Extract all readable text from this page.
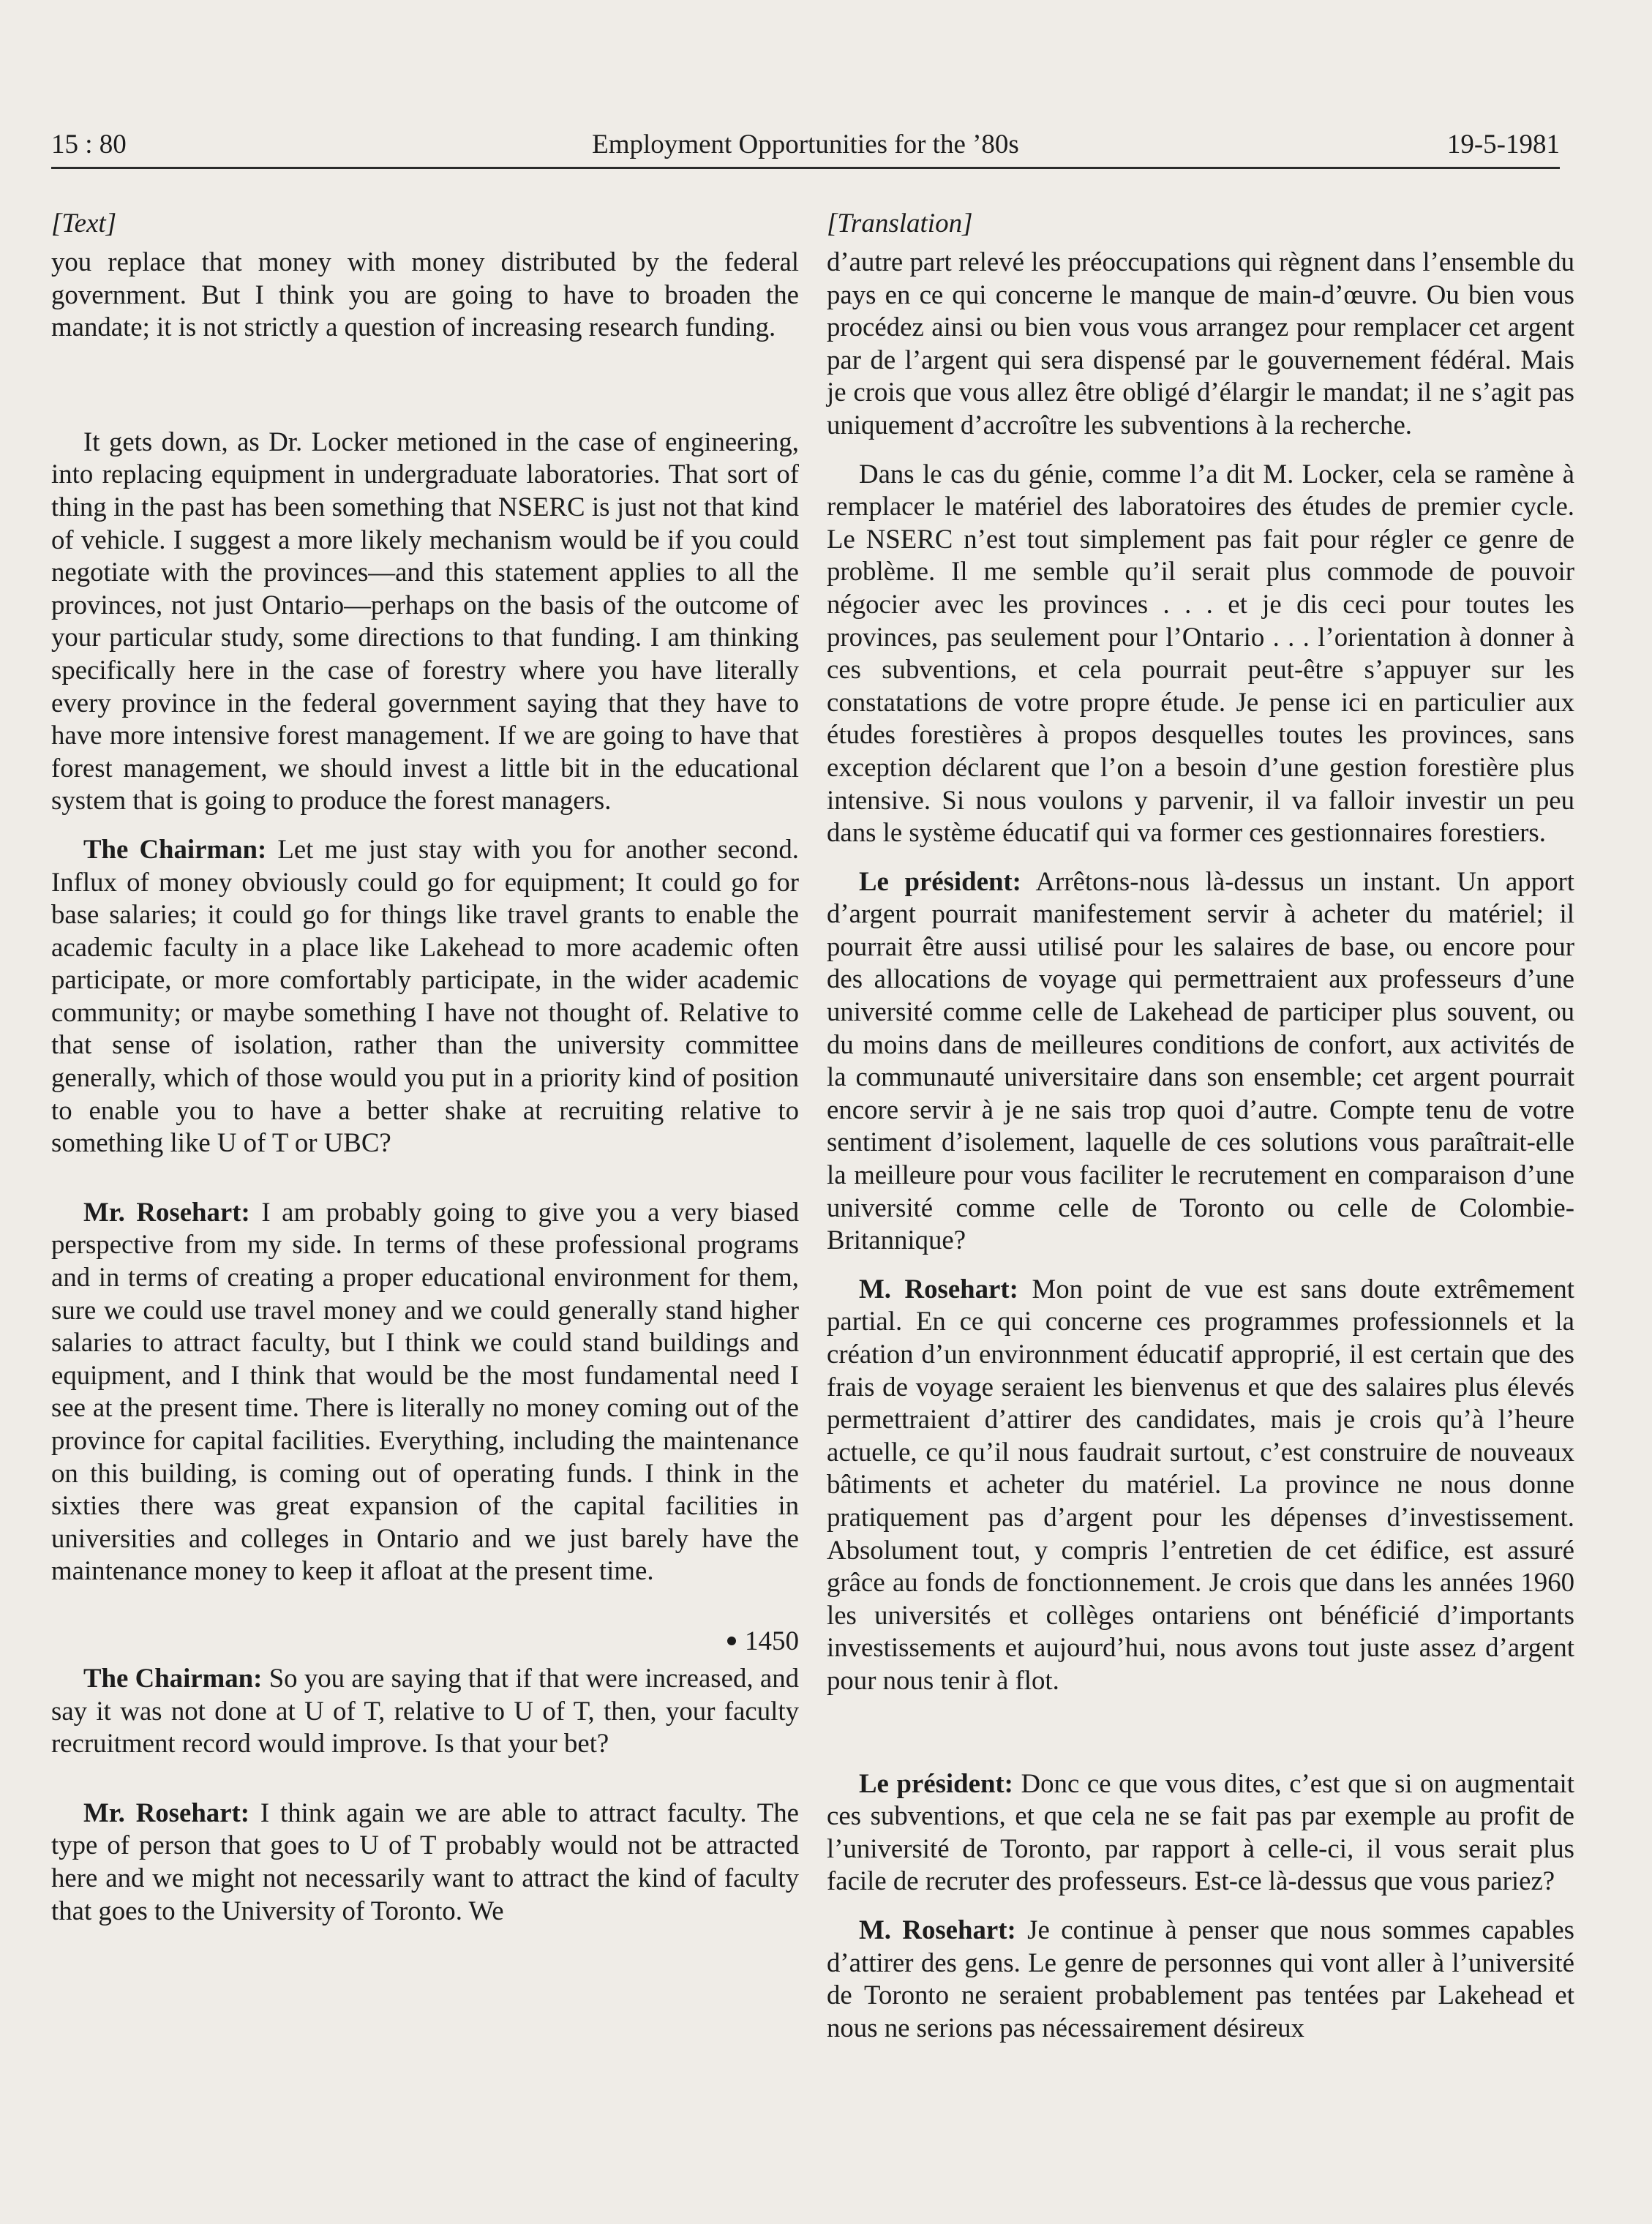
15 : 80	Employment Opportunities for the ’80s	19-5-1981
[Text]

you replace that money with money distributed by the federal government. But I think you are going to have to broaden the mandate; it is not strictly a question of increasing research funding.

It gets down, as Dr. Locker metioned in the case of engineering, into replacing equipment in undergraduate laboratories. That sort of thing in the past has been something that NSERC is just not that kind of vehicle. I suggest a more likely mechanism would be if you could negotiate with the provinces—and this statement applies to all the provinces, not just Ontario—perhaps on the basis of the outcome of your particular study, some directions to that funding. I am thinking specifically here in the case of forestry where you have literally every province in the federal government saying that they have to have more intensive forest management. If we are going to have that forest management, we should invest a little bit in the educational system that is going to produce the forest managers.

The Chairman: Let me just stay with you for another second. Influx of money obviously could go for equipment; It could go for base salaries; it could go for things like travel grants to enable the academic faculty in a place like Lakehead to more academic often participate, or more comfortably participate, in the wider academic community; or maybe something I have not thought of. Relative to that sense of isolation, rather than the university committee generally, which of those would you put in a priority kind of position to enable you to have a better shake at recruiting relative to something like U of T or UBC?

Mr. Rosehart: I am probably going to give you a very biased perspective from my side. In terms of these professional programs and in terms of creating a proper educational environment for them, sure we could use travel money and we could generally stand higher salaries to attract faculty, but I think we could stand buildings and equipment, and I think that would be the most fundamental need I see at the present time. There is literally no money coming out of the province for capital facilities. Everything, including the maintenance on this building, is coming out of operating funds. I think in the sixties there was great expansion of the capital facilities in universities and colleges in Ontario and we just barely have the maintenance money to keep it afloat at the present time.

1450

The Chairman: So you are saying that if that were increased, and say it was not done at U of T, relative to U of T, then, your faculty recruitment record would improve. Is that your bet?

Mr. Rosehart: I think again we are able to attract faculty. The type of person that goes to U of T probably would not be attracted here and we might not necessarily want to attract the kind of faculty that goes to the University of Toronto. We

[Translation]

d’autre part relevé les préoccupations qui règnent dans l’ensemble du pays en ce qui concerne le manque de main-d’œuvre. Ou bien vous procédez ainsi ou bien vous vous arrangez pour remplacer cet argent par de l’argent qui sera dispensé par le gouvernement fédéral. Mais je crois que vous allez être obligé d’élargir le mandat; il ne s’agit pas uniquement d’accroître les subventions à la recherche.

Dans le cas du génie, comme l’a dit M. Locker, cela se ramène à remplacer le matériel des laboratoires des études de premier cycle. Le NSERC n’est tout simplement pas fait pour régler ce genre de problème. Il me semble qu’il serait plus commode de pouvoir négocier avec les provinces . . . et je dis ceci pour toutes les provinces, pas seulement pour l’Ontario . . . l’orientation à donner à ces subventions, et cela pourrait peut-être s’appuyer sur les constatations de votre propre étude. Je pense ici en particulier aux études forestières à propos desquelles toutes les provinces, sans exception déclarent que l’on a besoin d’une gestion forestière plus intensive. Si nous voulons y parvenir, il va falloir investir un peu dans le système éducatif qui va former ces gestionnaires forestiers.

Le président: Arrêtons-nous là-dessus un instant. Un apport d’argent pourrait manifestement servir à acheter du matériel; il pourrait être aussi utilisé pour les salaires de base, ou encore pour des allocations de voyage qui permettraient aux professeurs d’une université comme celle de Lakehead de participer plus souvent, ou du moins dans de meilleures conditions de confort, aux activités de la communauté universitaire dans son ensemble; cet argent pourrait encore servir à je ne sais trop quoi d’autre. Compte tenu de votre sentiment d’isolement, laquelle de ces solutions vous paraîtrait-elle la meilleure pour vous faciliter le recrutement en comparaison d’une université comme celle de Toronto ou celle de Colombie-Britannique?

M. Rosehart: Mon point de vue est sans doute extrêmement partial. En ce qui concerne ces programmes professionnels et la création d’un environnment éducatif approprié, il est certain que des frais de voyage seraient les bienvenus et que des salaires plus élevés permettraient d’attirer des candidates, mais je crois qu’à l’heure actuelle, ce qu’il nous faudrait surtout, c’est construire de nouveaux bâtiments et acheter du matériel. La province ne nous donne pratiquement pas d’argent pour les dépenses d’investissement. Absolument tout, y compris l’entretien de cet édifice, est assuré grâce au fonds de fonctionnement. Je crois que dans les années 1960 les universités et collèges ontariens ont bénéficié d’importants investissements et aujourd’hui, nous avons tout juste assez d’argent pour nous tenir à flot.

Le président: Donc ce que vous dites, c’est que si on augmentait ces subventions, et que cela ne se fait pas par exemple au profit de l’université de Toronto, par rapport à celle-ci, il vous serait plus facile de recruter des professeurs. Est-ce là-dessus que vous pariez?

M. Rosehart: Je continue à penser que nous sommes capables d’attirer des gens. Le genre de personnes qui vont aller à l’université de Toronto ne seraient probablement pas tentées par Lakehead et nous ne serions pas nécessairement désireux
